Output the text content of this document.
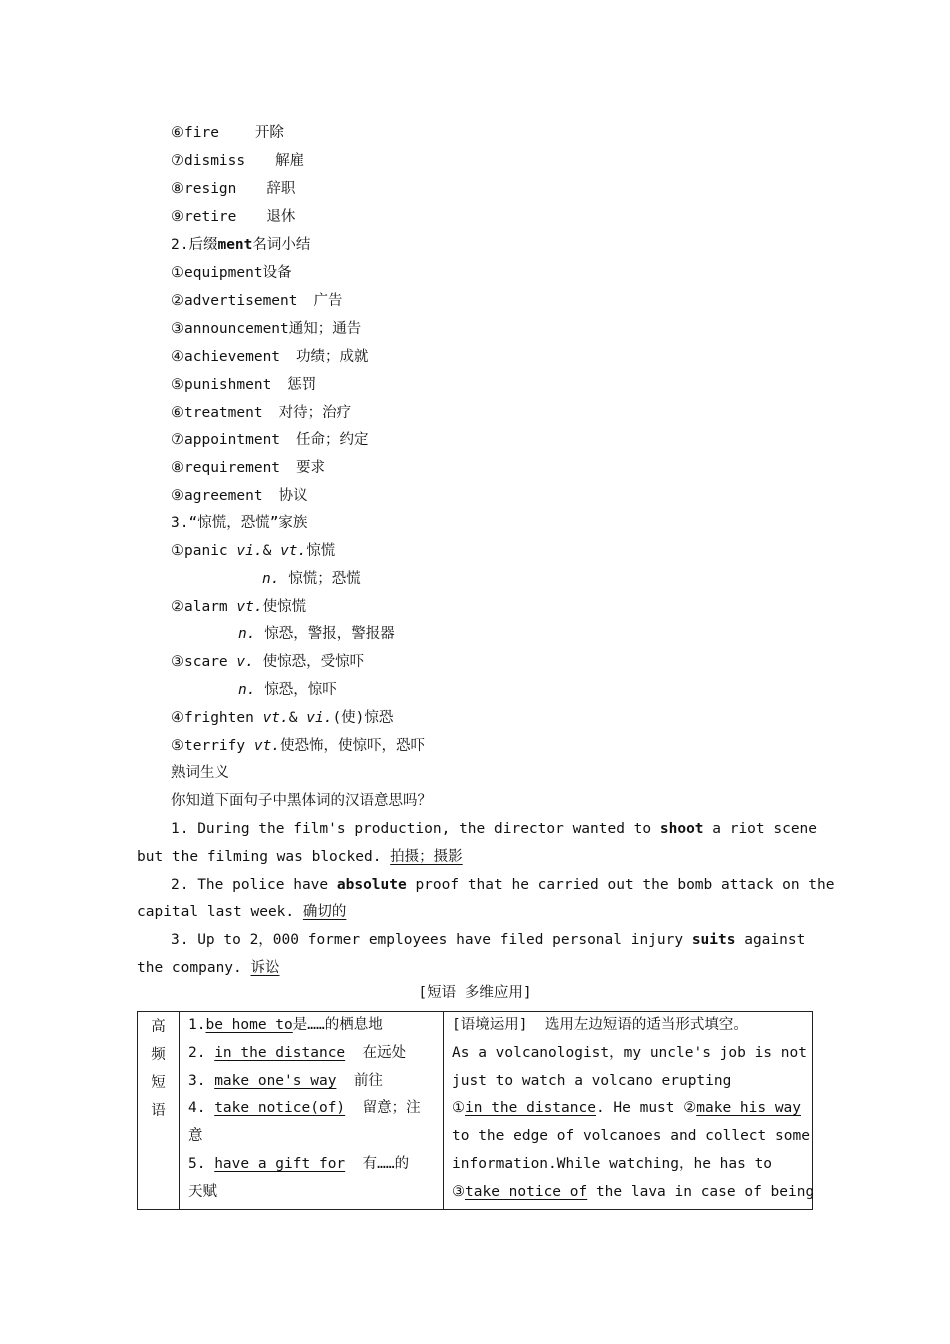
⑥fire 开除
⑦dismiss 解雇
⑧resign 辞职
⑨retire 退休
2.后缀ment名词小结
①equipment设备
②advertisement 广告
③announcement通知；通告
④achievement 功绩；成就
⑤punishment 惩罚
⑥treatment 对待；治疗
⑦appointment 任命；约定
⑧requirement 要求
⑨agreement 协议
3.“惊慌，恐慌”家族
①panic vi.& vt.惊慌
n. 惊慌；恐慌
②alarm vt.使惊慌
n. 惊恐，警报，警报器
③scare v. 使惊恐，受惊吓
n. 惊恐，惊吓
④frighten vt.& vi.(使)惊恐
⑤terrify vt.使恐怖，使惊吓，恐吓
熟词生义
你知道下面句子中黑体词的汉语意思吗？
1. During the film's production, the director wanted to shoot a riot scene
but the filming was blocked. 拍摄；摄影
2. The police have absolute proof that he carried out the bomb attack on the
capital last week. 确切的
3. Up to 2，000 former employees have filed personal injury suits against
the company. 诉讼
[短语 多维应用]
高
频
短
语

1.be home to是……的栖息地
2. in the distance  在远处
3. make one's way  前往
4. take notice(of)  留意；注
意
5. have a gift for  有……的
天赋

[语境运用]  选用左边短语的适当形式填空。
As a volcanologist，my uncle's job is not
just to watch a volcano erupting
①in the distance. He must ②make his way
to the edge of volcanoes and collect some
information.While watching，he has to
③take notice of the lava in case of being
